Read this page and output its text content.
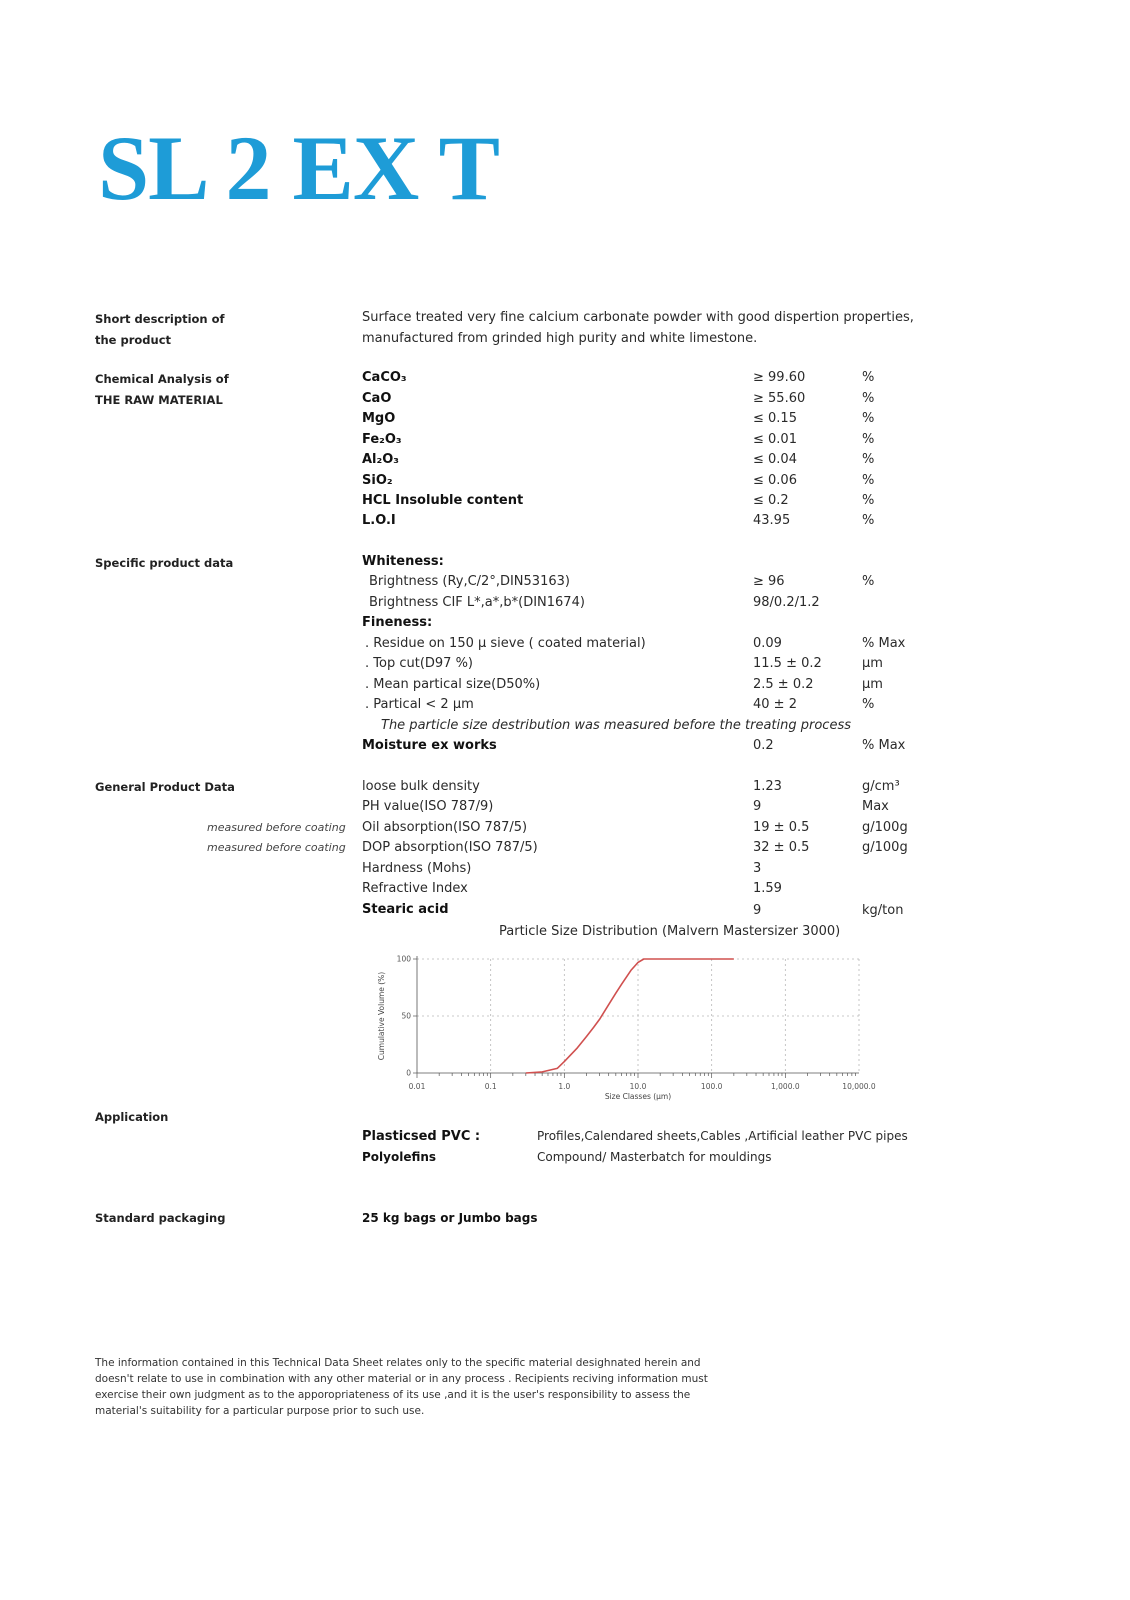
SL 2 EX T
Short description of
the product
Surface treated very fine calcium carbonate powder with good dispertion properties,
manufactured from grinded high purity and white limestone.
Chemical Analysis of
THE RAW MATERIAL
CaCO₃	≥ 99.60	%
CaO	≥ 55.60	%
MgO	≤ 0.15	%
Fe₂O₃	≤ 0.01	%
Al₂O₃	≤ 0.04	%
SiO₂	≤ 0.06	%
HCL Insoluble content	≤ 0.2	%
L.O.I	43.95	%
Specific product data	Whiteness:
Brightness (Ry,C/2°,DIN53163)	≥ 96	%
Brightness CIF L*,a*,b*(DIN1674)	98/0.2/1.2
Fineness:
. Residue on 150 µ sieve ( coated material)	0.09	% Max
. Top cut(D97 %)	11.5 ± 0.2	µm
. Mean partical size(D50%)	2.5 ± 0.2	µm
. Partical < 2 µm	40 ± 2	%
The particle size destribution was measured before the treating process
Moisture ex works	0.2	% Max
General Product Data	loose bulk density	1.23	g/cm³
PH value(ISO 787/9)	9	Max
measured before coating Oil absorption(ISO 787/5)	19 ± 0.5	g/100g
measured before coating DOP absorption(ISO 787/5)	32 ± 0.5	g/100g
Hardness (Mohs)	3
Refractive Index	1.59
Stearic acid	9	kg/ton
Particle Size Distribution (Malvern Mastersizer 3000)
0.01	0.1	1.0	10.0	100.0	1,000.0	10,000.0
0
50
100
Size Classes (µm)
Cumulative Volume (%)
Application
Plasticsed PVC :	Profiles,Calendared sheets,Cables ,Artificial leather PVC pipes
Polyolefins	Compound/ Masterbatch for mouldings
Standard packaging	25 kg bags or Jumbo bags
The information contained in this Technical Data Sheet relates only to the specific material desighnated herein and doesn't relate to use in combination with any other material or in any process . Recipients reciving information must exercise their own judgment as to the apporopriateness of its use ,and it is the user's responsibility to assess the material's suitability for a particular purpose prior to such use.
